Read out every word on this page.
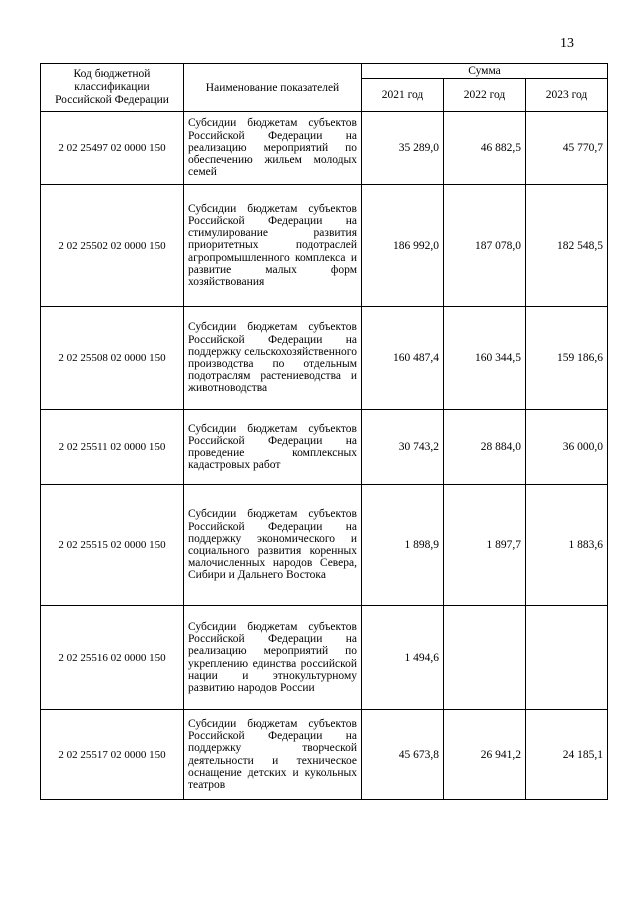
13
Код бюджетной классификации Российской Федерации	Наименование показателей	Сумма		
		2021 год	2022 год	2023 год
2 02 25497 02 0000 150	Субсидии бюджетам субъектов Российской Федерации на реализацию мероприятий по обеспечению жильем молодых семей	35 289,0	46 882,5	45 770,7
2 02 25502 02 0000 150	Субсидии бюджетам субъектов Российской Федерации на стимулирование развития приоритетных подотраслей агропромышленного комплекса и развитие малых форм хозяйствования	186 992,0	187 078,0	182 548,5
2 02 25508 02 0000 150	Субсидии бюджетам субъектов Российской Федерации на поддержку сельскохозяйственного производства по отдельным подотраслям растениеводства и животноводства	160 487,4	160 344,5	159 186,6
2 02 25511 02 0000 150	Субсидии бюджетам субъектов Российской Федерации на проведение комплексных кадастровых работ	30 743,2	28 884,0	36 000,0
2 02 25515 02 0000 150	Субсидии бюджетам субъектов Российской Федерации на поддержку экономического и социального развития коренных малочисленных народов Севера, Сибири и Дальнего Востока	1 898,9	1 897,7	1 883,6
2 02 25516 02 0000 150	Субсидии бюджетам субъектов Российской Федерации на реализацию мероприятий по укреплению единства российской нации и этнокультурному развитию народов России	1 494,6		
2 02 25517 02 0000 150	Субсидии бюджетам субъектов Российской Федерации на поддержку творческой деятельности и техническое оснащение детских и кукольных театров	45 673,8	26 941,2	24 185,1
